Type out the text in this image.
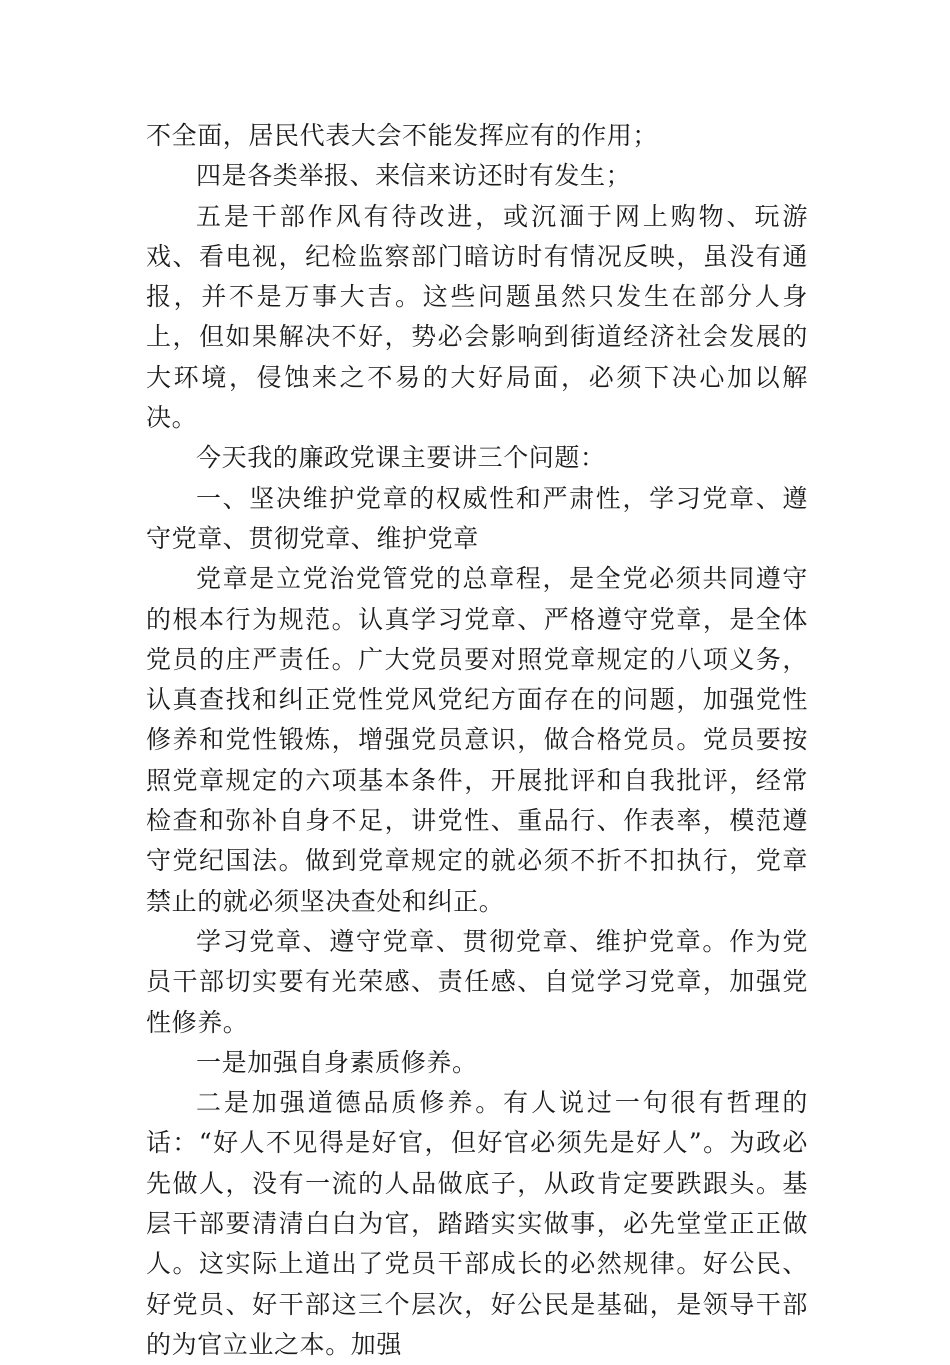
不全面，居民代表大会不能发挥应有的作用；

四是各类举报、来信来访还时有发生；

五是干部作风有待改进，或沉湎于网上购物、玩游戏、看电视，纪检监察部门暗访时有情况反映，虽没有通报，并不是万事大吉。这些问题虽然只发生在部分人身上，但如果解决不好，势必会影响到街道经济社会发展的大环境，侵蚀来之不易的大好局面，必须下决心加以解决。

今天我的廉政党课主要讲三个问题：

一、坚决维护党章的权威性和严肃性，学习党章、遵守党章、贯彻党章、维护党章

党章是立党治党管党的总章程，是全党必须共同遵守的根本行为规范。认真学习党章、严格遵守党章，是全体党员的庄严责任。广大党员要对照党章规定的八项义务，认真查找和纠正党性党风党纪方面存在的问题，加强党性修养和党性锻炼，增强党员意识，做合格党员。党员要按照党章规定的六项基本条件，开展批评和自我批评，经常检查和弥补自身不足，讲党性、重品行、作表率，模范遵守党纪国法。做到党章规定的就必须不折不扣执行，党章禁止的就必须坚决查处和纠正。

学习党章、遵守党章、贯彻党章、维护党章。作为党员干部切实要有光荣感、责任感、自觉学习党章，加强党性修养。

一是加强自身素质修养。

二是加强道德品质修养。有人说过一句很有哲理的话：“好人不见得是好官，但好官必须先是好人”。为政必先做人，没有一流的人品做底子，从政肯定要跌跟头。基层干部要清清白白为官，踏踏实实做事，必先堂堂正正做人。这实际上道出了党员干部成长的必然规律。好公民、好党员、好干部这三个层次，好公民是基础，是领导干部的为官立业之本。加强
